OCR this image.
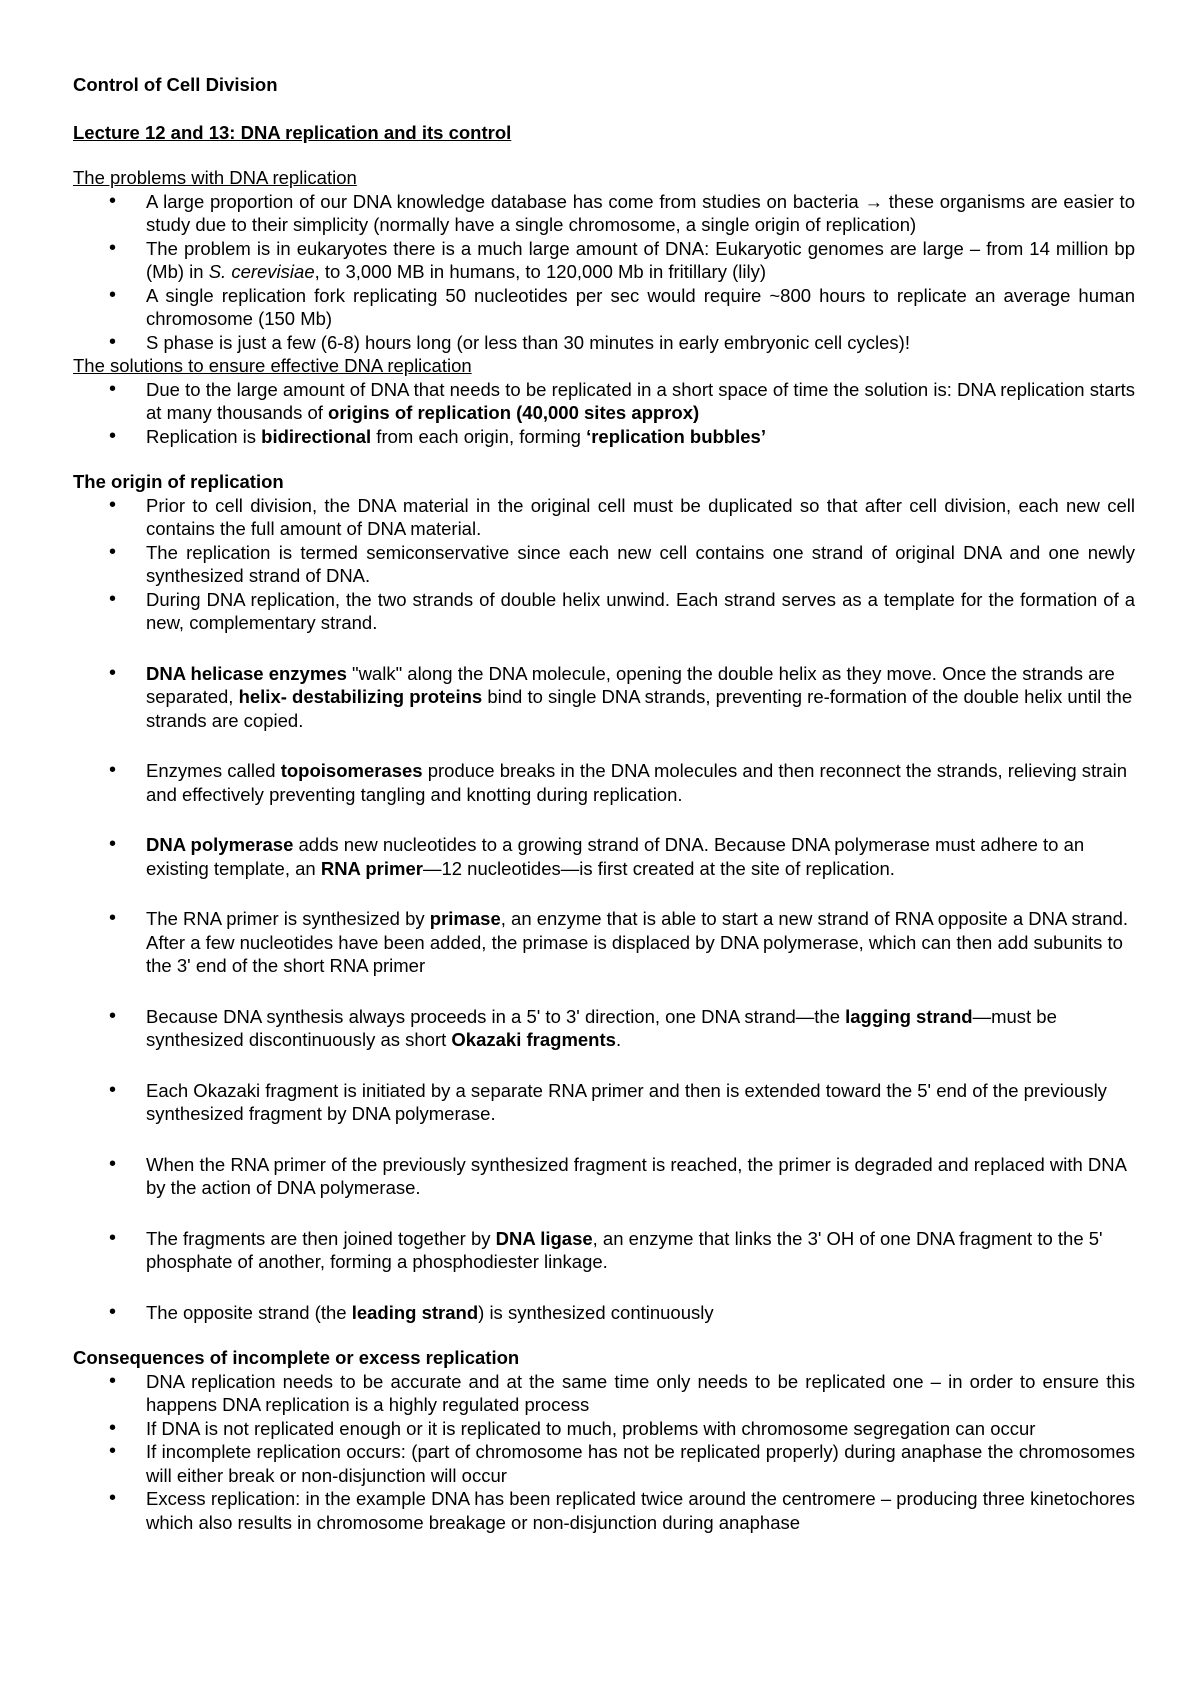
Control of Cell Division

Lecture 12 and 13: DNA replication and its control

The problems with DNA replication

• A large proportion of our DNA knowledge database has come from studies on bacteria → these organisms are easier to study due to their simplicity (normally have a single chromosome, a single origin of replication)
• The problem is in eukaryotes there is a much large amount of DNA: Eukaryotic genomes are large – from 14 million bp (Mb) in S. cerevisiae, to 3,000 MB in humans, to 120,000 Mb in fritillary (lily)
• A single replication fork replicating 50 nucleotides per sec would require ~800 hours to replicate an average human chromosome (150 Mb)
• S phase is just a few (6-8) hours long (or less than 30 minutes in early embryonic cell cycles)!

The solutions to ensure effective DNA replication

• Due to the large amount of DNA that needs to be replicated in a short space of time the solution is: DNA replication starts at many thousands of origins of replication (40,000 sites approx)
• Replication is bidirectional from each origin, forming ‘replication bubbles’

The origin of replication

• Prior to cell division, the DNA material in the original cell must be duplicated so that after cell division, each new cell contains the full amount of DNA material.
• The replication is termed semiconservative since each new cell contains one strand of original DNA and one newly synthesized strand of DNA.
• During DNA replication, the two strands of double helix unwind. Each strand serves as a template for the formation of a new, complementary strand.
• DNA helicase enzymes "walk" along the DNA molecule, opening the double helix as they move. Once the strands are separated, helix- destabilizing proteins bind to single DNA strands, preventing re-formation of the double helix until the strands are copied.
• Enzymes called topoisomerases produce breaks in the DNA molecules and then reconnect the strands, relieving strain and effectively preventing tangling and knotting during replication.
• DNA polymerase adds new nucleotides to a growing strand of DNA. Because DNA polymerase must adhere to an existing template, an RNA primer—12 nucleotides—is first created at the site of replication.
• The RNA primer is synthesized by primase, an enzyme that is able to start a new strand of RNA opposite a DNA strand. After a few nucleotides have been added, the primase is displaced by DNA polymerase, which can then add subunits to the 3' end of the short RNA primer
• Because DNA synthesis always proceeds in a 5' to 3' direction, one DNA strand—the lagging strand—must be synthesized discontinuously as short Okazaki fragments.
• Each Okazaki fragment is initiated by a separate RNA primer and then is extended toward the 5' end of the previously synthesized fragment by DNA polymerase.
• When the RNA primer of the previously synthesized fragment is reached, the primer is degraded and replaced with DNA by the action of DNA polymerase.
• The fragments are then joined together by DNA ligase, an enzyme that links the 3' OH of one DNA fragment to the 5' phosphate of another, forming a phosphodiester linkage.
• The opposite strand (the leading strand) is synthesized continuously

Consequences of incomplete or excess replication

• DNA replication needs to be accurate and at the same time only needs to be replicated one – in order to ensure this happens DNA replication is a highly regulated process
• If DNA is not replicated enough or it is replicated to much, problems with chromosome segregation can occur
• If incomplete replication occurs: (part of chromosome has not be replicated properly) during anaphase the chromosomes will either break or non-disjunction will occur
• Excess replication: in the example DNA has been replicated twice around the centromere – producing three kinetochores which also results in chromosome breakage or non-disjunction during anaphase
